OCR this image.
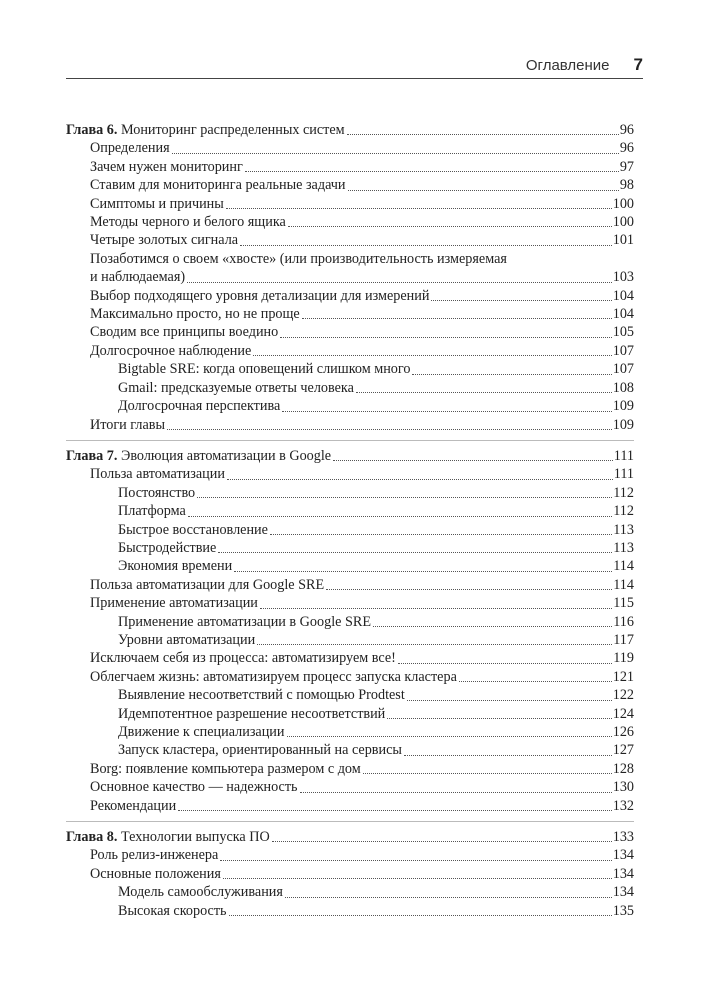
Оглавление 7
Глава 6. Мониторинг распределенных систем	96
Определения	96
Зачем нужен мониторинг	97
Ставим для мониторинга реальные задачи	98
Симптомы и причины	100
Методы черного и белого ящика	100
Четыре золотых сигнала	101
Позаботимся о своем «хвосте» (или производительность измеряемая
и наблюдаемая)	103
Выбор подходящего уровня детализации для измерений	104
Максимально просто, но не проще	104
Сводим все принципы воедино	105
Долгосрочное наблюдение	107
Bigtable SRE: когда оповещений слишком много	107
Gmail: предсказуемые ответы человека	108
Долгосрочная перспектива	109
Итоги главы	109
Глава 7. Эволюция автоматизации в Google	111
Польза автоматизации	111
Постоянство	112
Платформа	112
Быстрое восстановление	113
Быстродействие	113
Экономия времени	114
Польза автоматизации для Google SRE	114
Применение автоматизации	115
Применение автоматизации в Google SRE	116
Уровни автоматизации	117
Исключаем себя из процесса: автоматизируем все!	119
Облегчаем жизнь: автоматизируем процесс запуска кластера	121
Выявление несоответствий с помощью Prodtest	122
Идемпотентное разрешение несоответствий	124
Движение к специализации	126
Запуск кластера, ориентированный на сервисы	127
Borg: появление компьютера размером с дом	128
Основное качество — надежность	130
Рекомендации	132
Глава 8. Технологии выпуска ПО	133
Роль релиз-инженера	134
Основные положения	134
Модель самообслуживания	134
Высокая скорость	135
